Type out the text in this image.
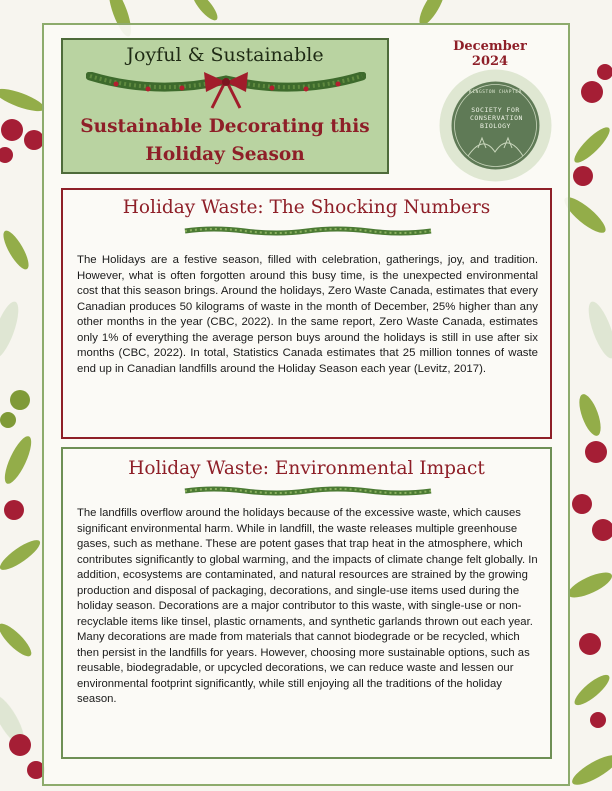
Joyful & Sustainable
Sustainable Decorating this Holiday Season
December 2024
KINGSTON CHAPTER
SOCIETY FOR CONSERVATION BIOLOGY
Holiday Waste: The Shocking Numbers

The Holidays are a festive season, filled with celebration, gatherings, joy, and tradition. However, what is often forgotten around this busy time, is the unexpected environmental cost that this season brings. Around the holidays, Zero Waste Canada, estimates that every Canadian produces 50 kilograms of waste in the month of December, 25% higher than any other months in the year (CBC, 2022). In the same report, Zero Waste Canada, estimates only 1% of everything the average person buys around the holidays is still in use after six months (CBC, 2022). In total, Statistics Canada estimates that 25 million tonnes of waste end up in Canadian landfills around the Holiday Season each year (Levitz, 2017).

Holiday Waste: Environmental Impact

The landfills overflow around the holidays because of the excessive waste, which causes significant environmental harm. While in landfill, the waste releases multiple greenhouse gases, such as methane. These are potent gases that trap heat in the atmosphere, which contributes significantly to global warming, and the impacts of climate change felt globally. In addition, ecosystems are contaminated, and natural resources are strained by the growing production and disposal of packaging, decorations, and single-use items used during the holiday season. Decorations are a major contributor to this waste, with single-use or non-recyclable items like tinsel, plastic ornaments, and synthetic garlands thrown out each year. Many decorations are made from materials that cannot biodegrade or be recycled, which then persist in the landfills for years. However, choosing more sustainable options, such as reusable, biodegradable, or upcycled decorations, we can reduce waste and lessen our environmental footprint significantly, while still enjoying all the traditions of the holiday season.
